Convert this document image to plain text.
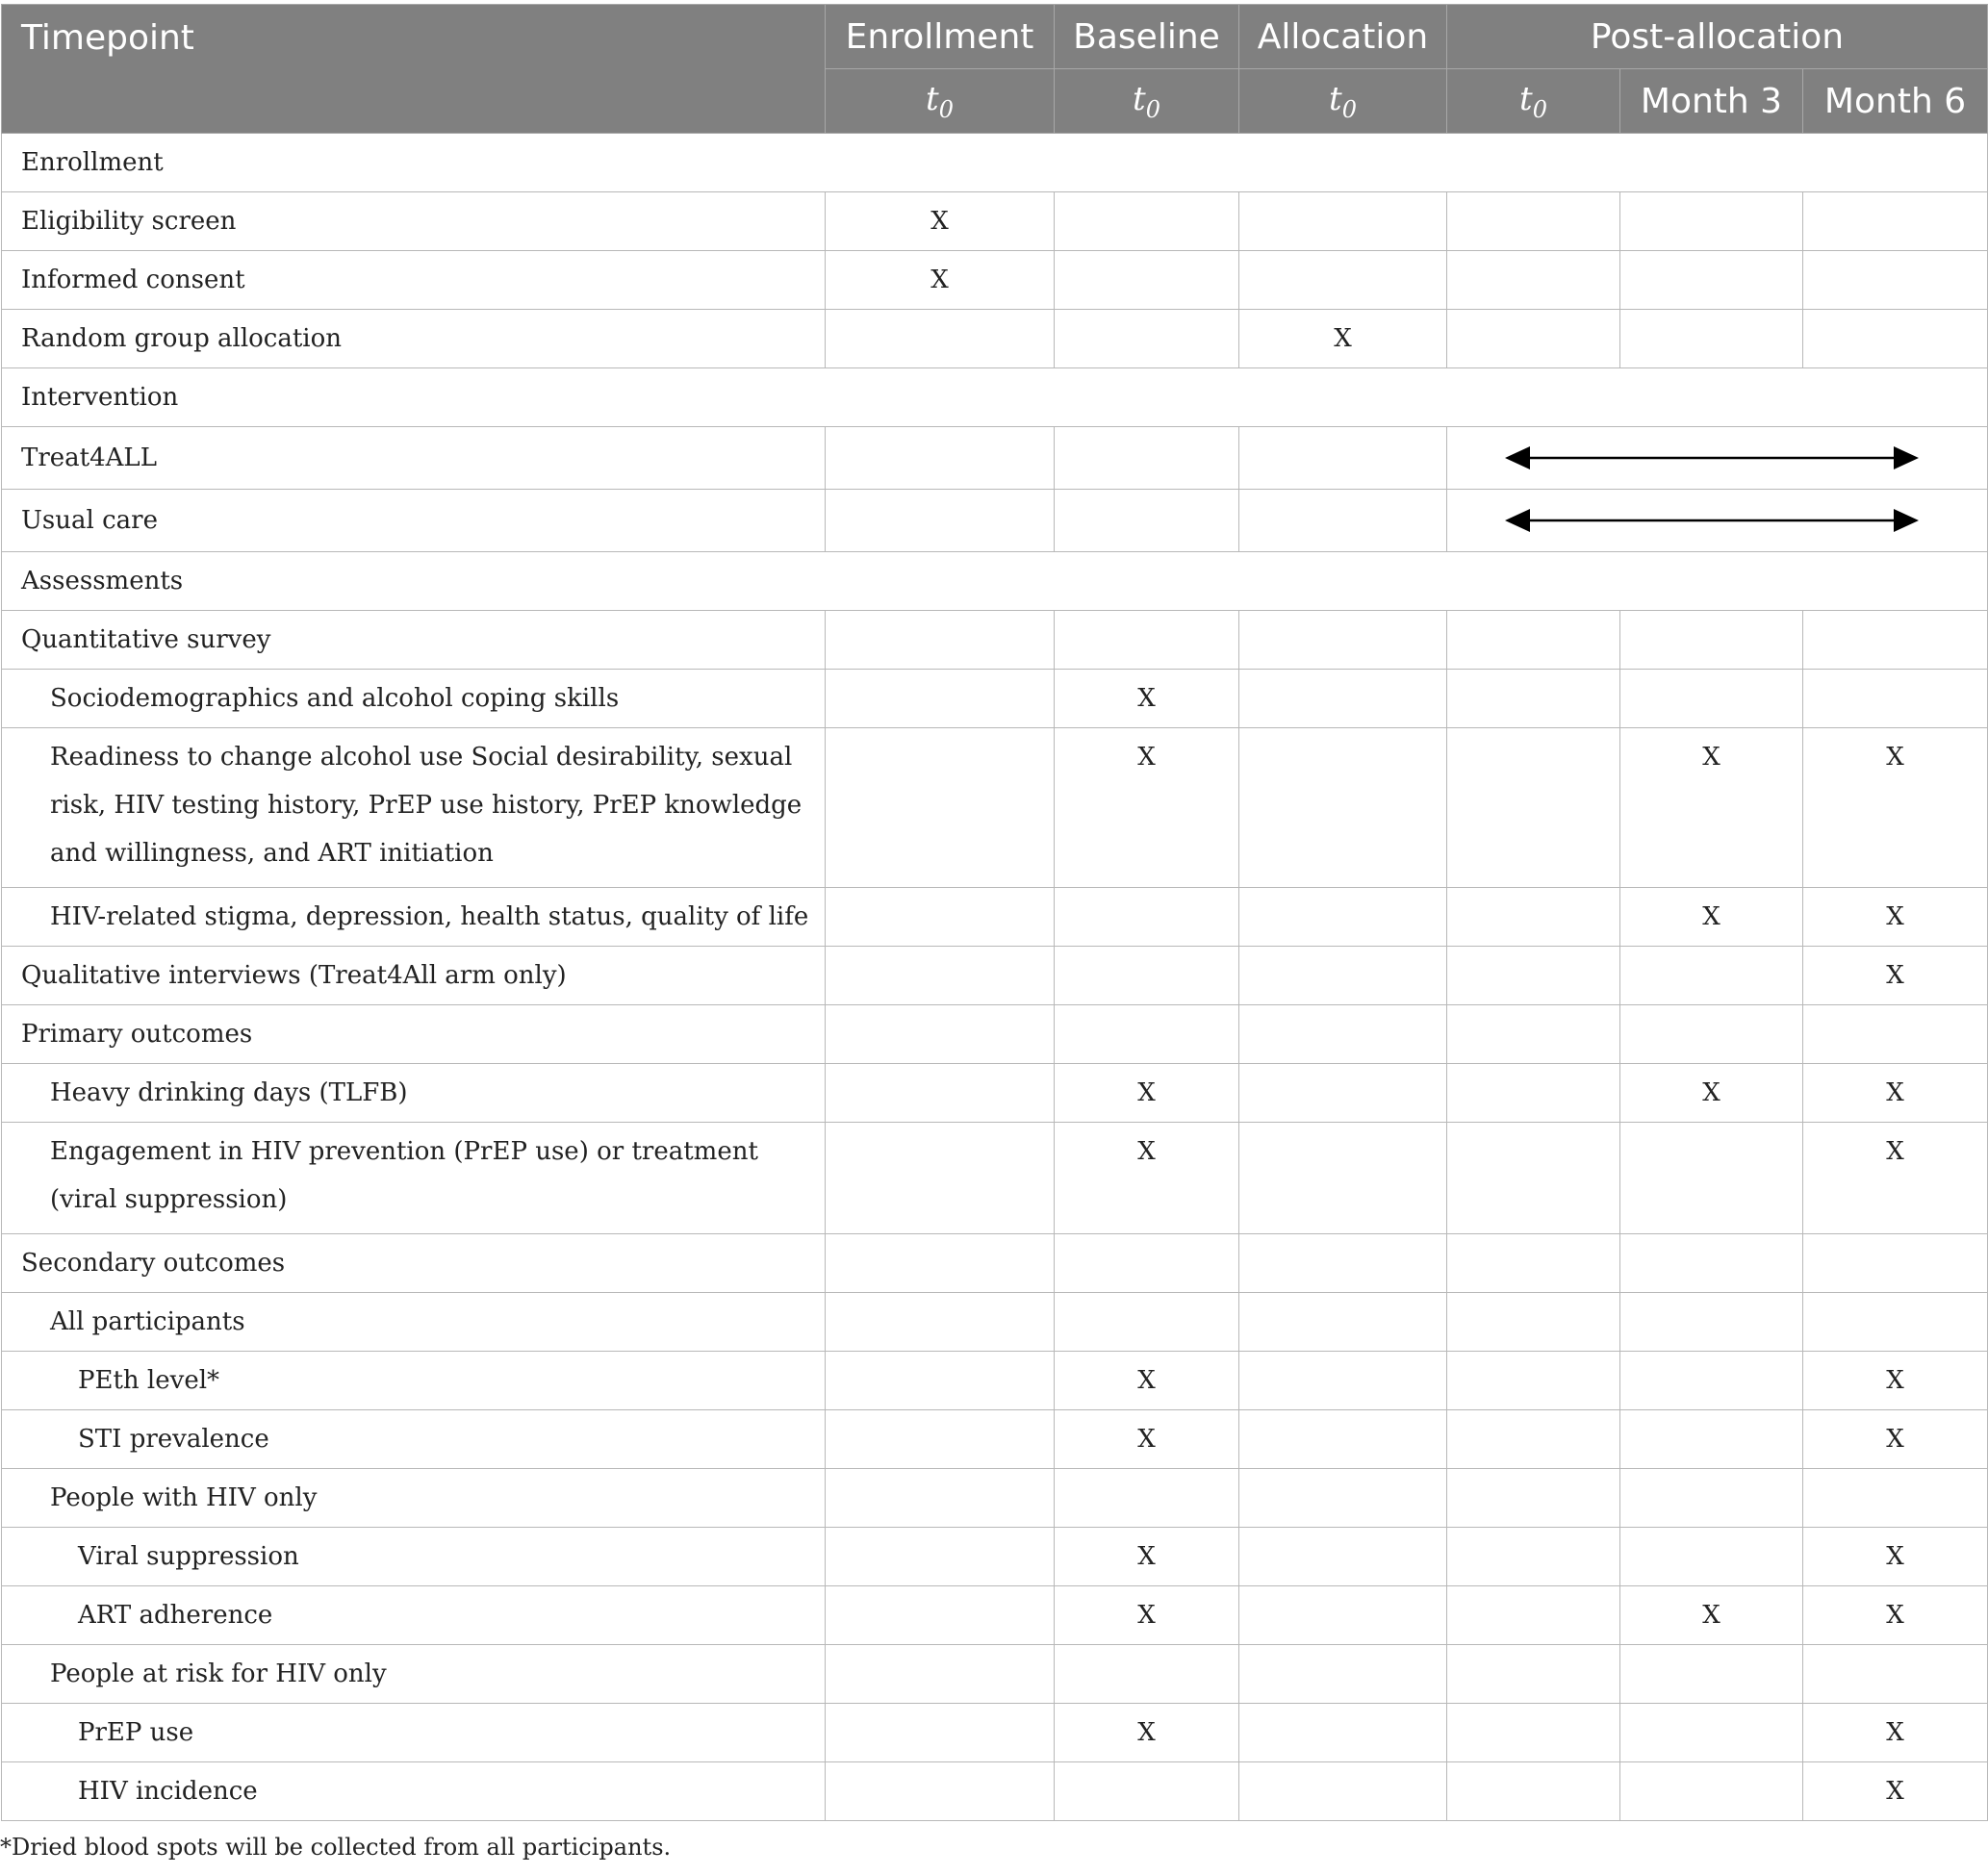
Timepoint	Enrollment	Baseline	Allocation	Post-allocation		
	$t_0$	$t_0$	$t_0$	$t_0$	Month 3	Month 6
Enrollment						
Eligibility screen	X					
Informed consent	X					
Random group allocation			X			
Intervention						
Treat4ALL				

Usual care				

Assessments						
Quantitative survey						
Sociodemographics and alcohol coping skills		X				
Readiness to change alcohol use Social desirability, sexual risk, HIV testing history, PrEP use history, PrEP knowledge and willingness, and ART initiation		X			X	X
HIV-related stigma, depression, health status, quality of life					X	X
Qualitative interviews (Treat4All arm only)						X
Primary outcomes						
Heavy drinking days (TLFB)		X			X	X
Engagement in HIV prevention (PrEP use) or treatment (viral suppression)		X				X
Secondary outcomes						
All participants						
PEth level*		X				X
STI prevalence		X				X
People with HIV only						
Viral suppression		X				X
ART adherence		X			X	X
People at risk for HIV only						
PrEP use		X				X
HIV incidence						X
*Dried blood spots will be collected from all participants.
